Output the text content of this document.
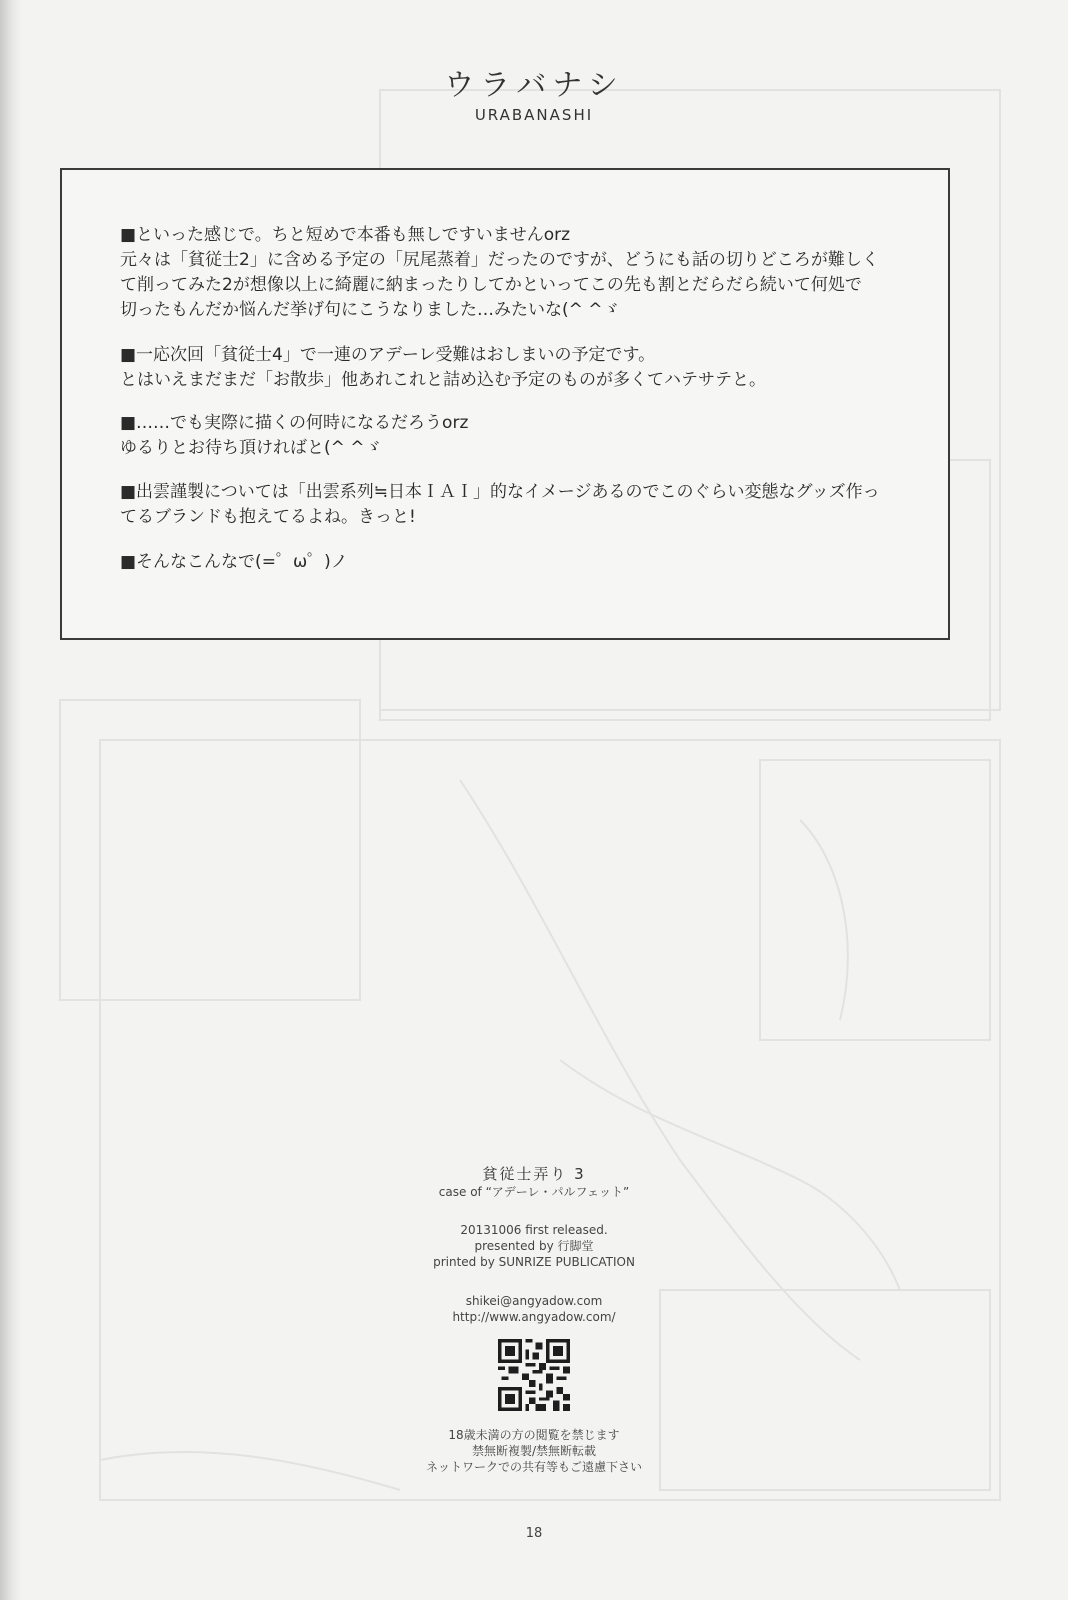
ウラバナシ
URABANASHI
■といった感じで。ちと短めで本番も無しですいませんorz
元々は「貧従士2」に含める予定の「尻尾蒸着」だったのですが、どうにも話の切りどころが難しく
て削ってみた2が想像以上に綺麗に納まったりしてかといってこの先も割とだらだら続いて何処で
切ったもんだか悩んだ挙げ句にこうなりました…みたいな(^ ^ゞ
■一応次回「貧従士4」で一連のアデーレ受難はおしまいの予定です。
とはいえまだまだ「お散歩」他あれこれと詰め込む予定のものが多くてハテサテと。
■……でも実際に描くの何時になるだろうorz
ゆるりとお待ち頂ければと(^ ^ゞ
■出雲謹製については「出雲系列≒日本ＩＡＩ」的なイメージあるのでこのぐらい変態なグッズ作っ
てるブランドも抱えてるよね。きっと!
■そんなこんなで(=゜ω゜)ノ
貧従士弄り 3
case of “アデーレ・パルフェット”
20131006 first released.
presented by 行脚堂
printed by SUNRIZE PUBLICATION
shikei@angyadow.com
http://www.angyadow.com/
18歳未満の方の閲覧を禁じます
禁無断複製/禁無断転載
ネットワークでの共有等もご遠慮下さい
18
